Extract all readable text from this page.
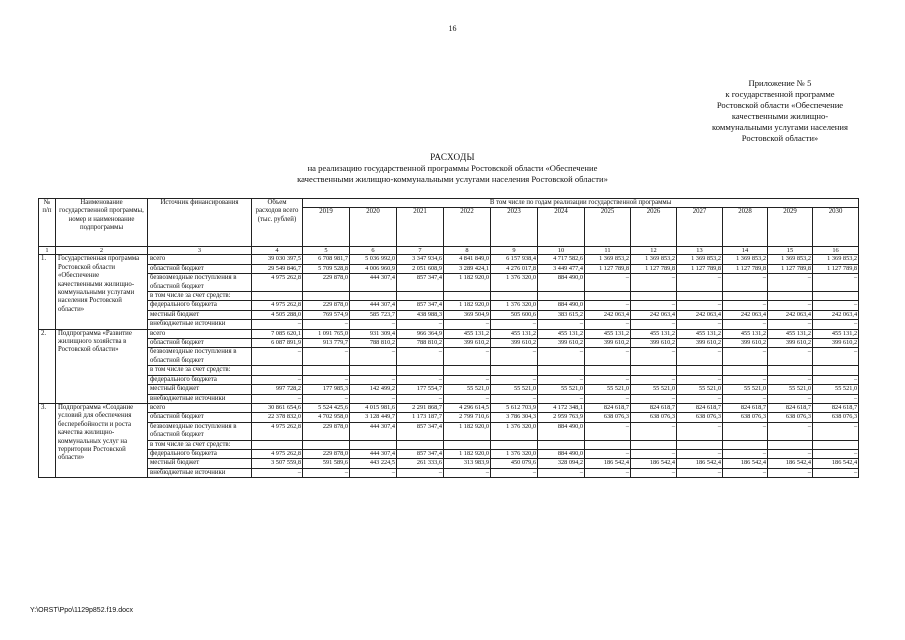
16
Приложение № 5
к государственной программе
Ростовской области «Обеспечение
качественными жилищно-
коммунальными услугами населения
Ростовской области»
РАСХОДЫ
на реализацию государственной программы Ростовской области «Обеспечение
качественными жилищно-коммунальными услугами населения Ростовской области»
№ п/п	Наименование государственной программы, номер и наименование подпрограммы	Источник финансирования	Объем расходов всего (тыс. рублей)	В том числе по годам реализации государственной программы											
				2019	2020	2021	2022	2023	2024	2025	2026	2027	2028	2029	2030
1	2	3	4	5	6	7	8	9	10	11	12	13	14	15	16
1.	Государственная программа Ростовской области «Обеспечение качественными жилищно-коммунальными услугами населения Ростовской области»	всего	39 030 397,5	6 708 981,7	5 036 992,0	3 347 934,6	4 841 849,0	6 157 938,4	4 717 582,6	1 369 853,2	1 369 853,2	1 369 853,2	1 369 853,2	1 369 853,2	1 369 853,2
		областной бюджет	29 549 846,7	5 709 528,8	4 006 960,9	2 051 608,9	3 289 424,1	4 276 017,8	3 449 477,4	1 127 789,8	1 127 789,8	1 127 789,8	1 127 789,8	1 127 789,8	1 127 789,8
		безвозмездные поступления в областной бюджет	4 975 262,8	229 878,0	444 307,4	857 347,4	1 182 920,0	1 376 320,0	884 490,0	–	–	–	–	–	–
		в том числе за счет средств:													
		федерального бюджета	4 975 262,8	229 878,0	444 307,4	857 347,4	1 182 920,0	1 376 320,0	884 490,0	–	–	–	–	–	–
		местный бюджет	4 505 288,0	769 574,9	585 723,7	438 988,3	369 504,9	505 600,6	383 615,2	242 063,4	242 063,4	242 063,4	242 063,4	242 063,4	242 063,4
		внебюджетные источники	–	–	–	–	–	–	–	–	–	–	–	–	–
2.	Подпрограмма «Развитие жилищного хозяйства в Ростовской области»	всего	7 085 620,1	1 091 765,0	931 309,4	966 364,9	455 131,2	455 131,2	455 131,2	455 131,2	455 131,2	455 131,2	455 131,2	455 131,2	455 131,2
		областной бюджет	6 087 891,9	913 779,7	788 810,2	788 810,2	399 610,2	399 610,2	399 610,2	399 610,2	399 610,2	399 610,2	399 610,2	399 610,2	399 610,2
		безвозмездные поступления в областной бюджет	–	–	–	–	–	–	–	–	–	–	–	–	–
		в том числе за счет средств:													
		федерального бюджета	–	–	–	–	–	–	–	–	–	–	–	–	–
		местный бюджет	997 728,2	177 985,3	142 499,2	177 554,7	55 521,0	55 521,0	55 521,0	55 521,0	55 521,0	55 521,0	55 521,0	55 521,0	55 521,0
		внебюджетные источники	–	–	–	–	–	–	–	–	–	–	–	–	–
3.	Подпрограмма «Создание условий для обеспечения бесперебойности и роста качества жилищно-коммунальных услуг на территории Ростовской области»	всего	30 861 654,6	5 524 425,6	4 015 981,6	2 291 868,7	4 296 614,5	5 612 703,9	4 172 348,1	824 618,7	824 618,7	824 618,7	824 618,7	824 618,7	824 618,7
		областной бюджет	22 378 832,0	4 702 958,0	3 128 449,7	1 173 187,7	2 799 710,6	3 786 304,3	2 959 763,9	638 076,3	638 076,3	638 076,3	638 076,3	638 076,3	638 076,3
		безвозмездные поступления в областной бюджет	4 975 262,8	229 878,0	444 307,4	857 347,4	1 182 920,0	1 376 320,0	884 490,0	–	–	–	–	–	–
		в том числе за счет средств:													
		федерального бюджета	4 975 262,8	229 878,0	444 307,4	857 347,4	1 182 920,0	1 376 320,0	884 490,0	–	–	–	–	–	–
		местный бюджет	3 507 559,8	591 589,6	443 224,5	261 333,6	313 983,9	450 079,6	328 094,2	186 542,4	186 542,4	186 542,4	186 542,4	186 542,4	186 542,4
		внебюджетные источники	–	–	–	–	–	–	–	–	–	–	–	–	–
Y:\ORST\Ppo\1129p852.f19.docx
